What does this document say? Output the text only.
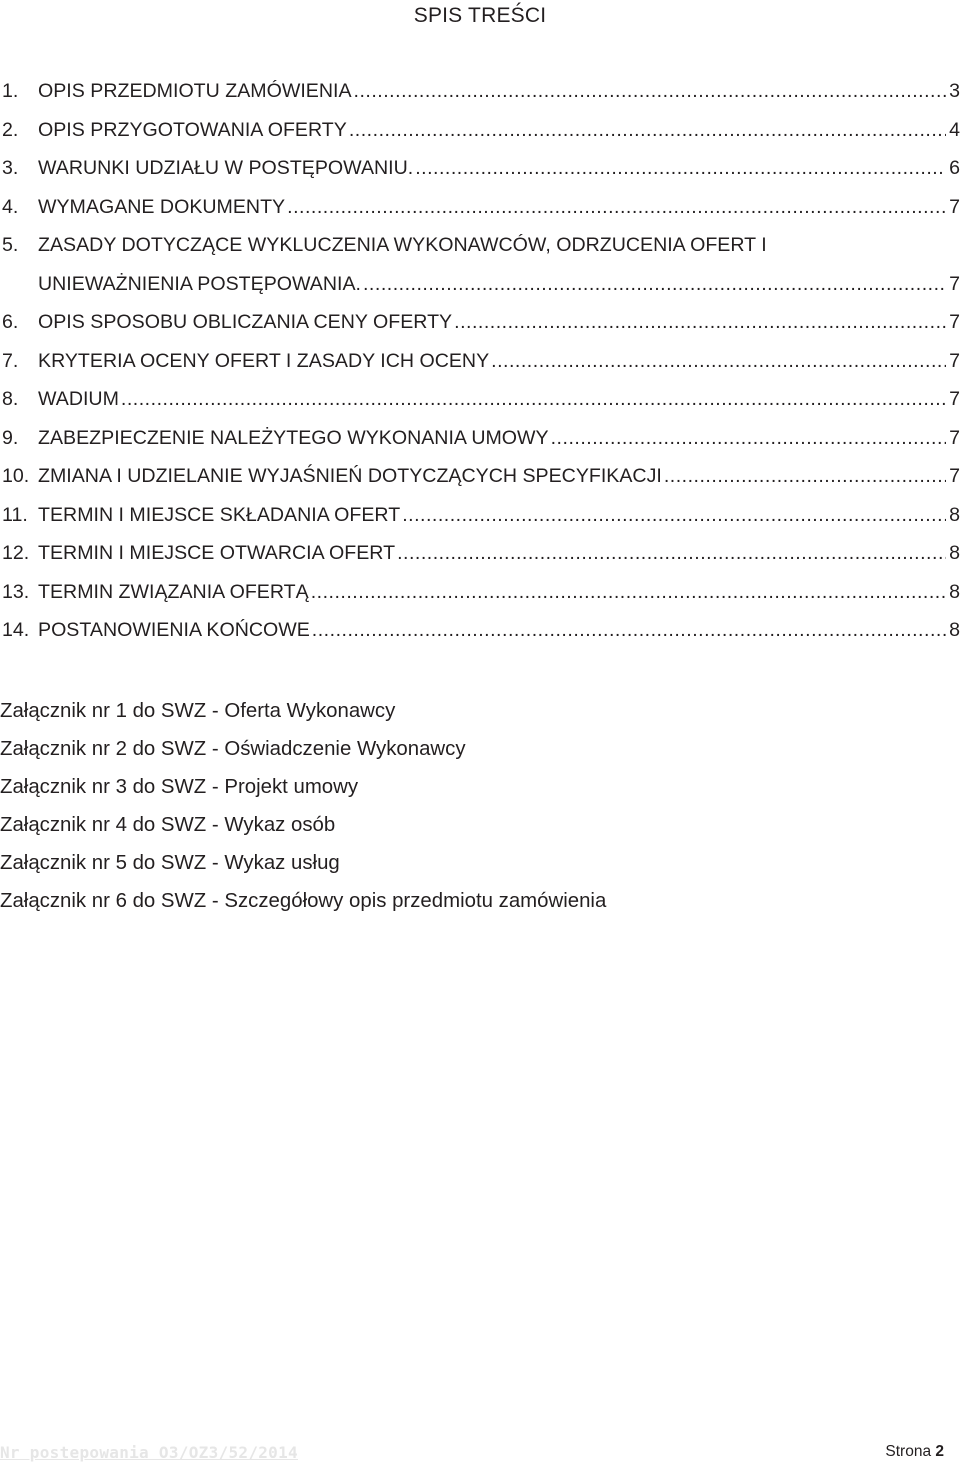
SPIS TREŚCI
1.	OPIS PRZEDMIOTU ZAMÓWIENIA .....	3
2.	OPIS PRZYGOTOWANIA OFERTY .....	4
3.	WARUNKI UDZIAŁU W POSTĘPOWANIU. .....	6
4.	WYMAGANE DOKUMENTY .....	7
5.	ZASADY DOTYCZĄCE WYKLUCZENIA WYKONAWCÓW, ODRZUCENIA OFERT I
UNIEWAŻNIENIA POSTĘPOWANIA. .....	7
6.	OPIS SPOSOBU OBLICZANIA CENY OFERTY .....	7
7.	KRYTERIA OCENY OFERT I ZASADY ICH OCENY .....	7
8.	WADIUM .....	7
9.	ZABEZPIECZENIE NALEŻYTEGO WYKONANIA UMOWY .....	7
10. ZMIANA I UDZIELANIE WYJAŚNIEŃ DOTYCZĄCYCH SPECYFIKACJI .....	7
11. TERMIN I MIEJSCE SKŁADANIA OFERT .....	8
12. TERMIN I MIEJSCE OTWARCIA OFERT .....	8
13. TERMIN ZWIĄZANIA OFERTĄ .....	8
14. POSTANOWIENIA KOŃCOWE .....	8
Załącznik nr 1 do SWZ - Oferta Wykonawcy
Załącznik nr 2 do SWZ - Oświadczenie Wykonawcy
Załącznik nr 3 do SWZ - Projekt umowy
Załącznik nr 4 do SWZ - Wykaz osób
Załącznik nr 5 do SWZ - Wykaz usług
Załącznik nr 6 do SWZ - Szczegółowy opis przedmiotu zamówienia
Nr postepowania O3/OZ3/52/2014	Strona 2
